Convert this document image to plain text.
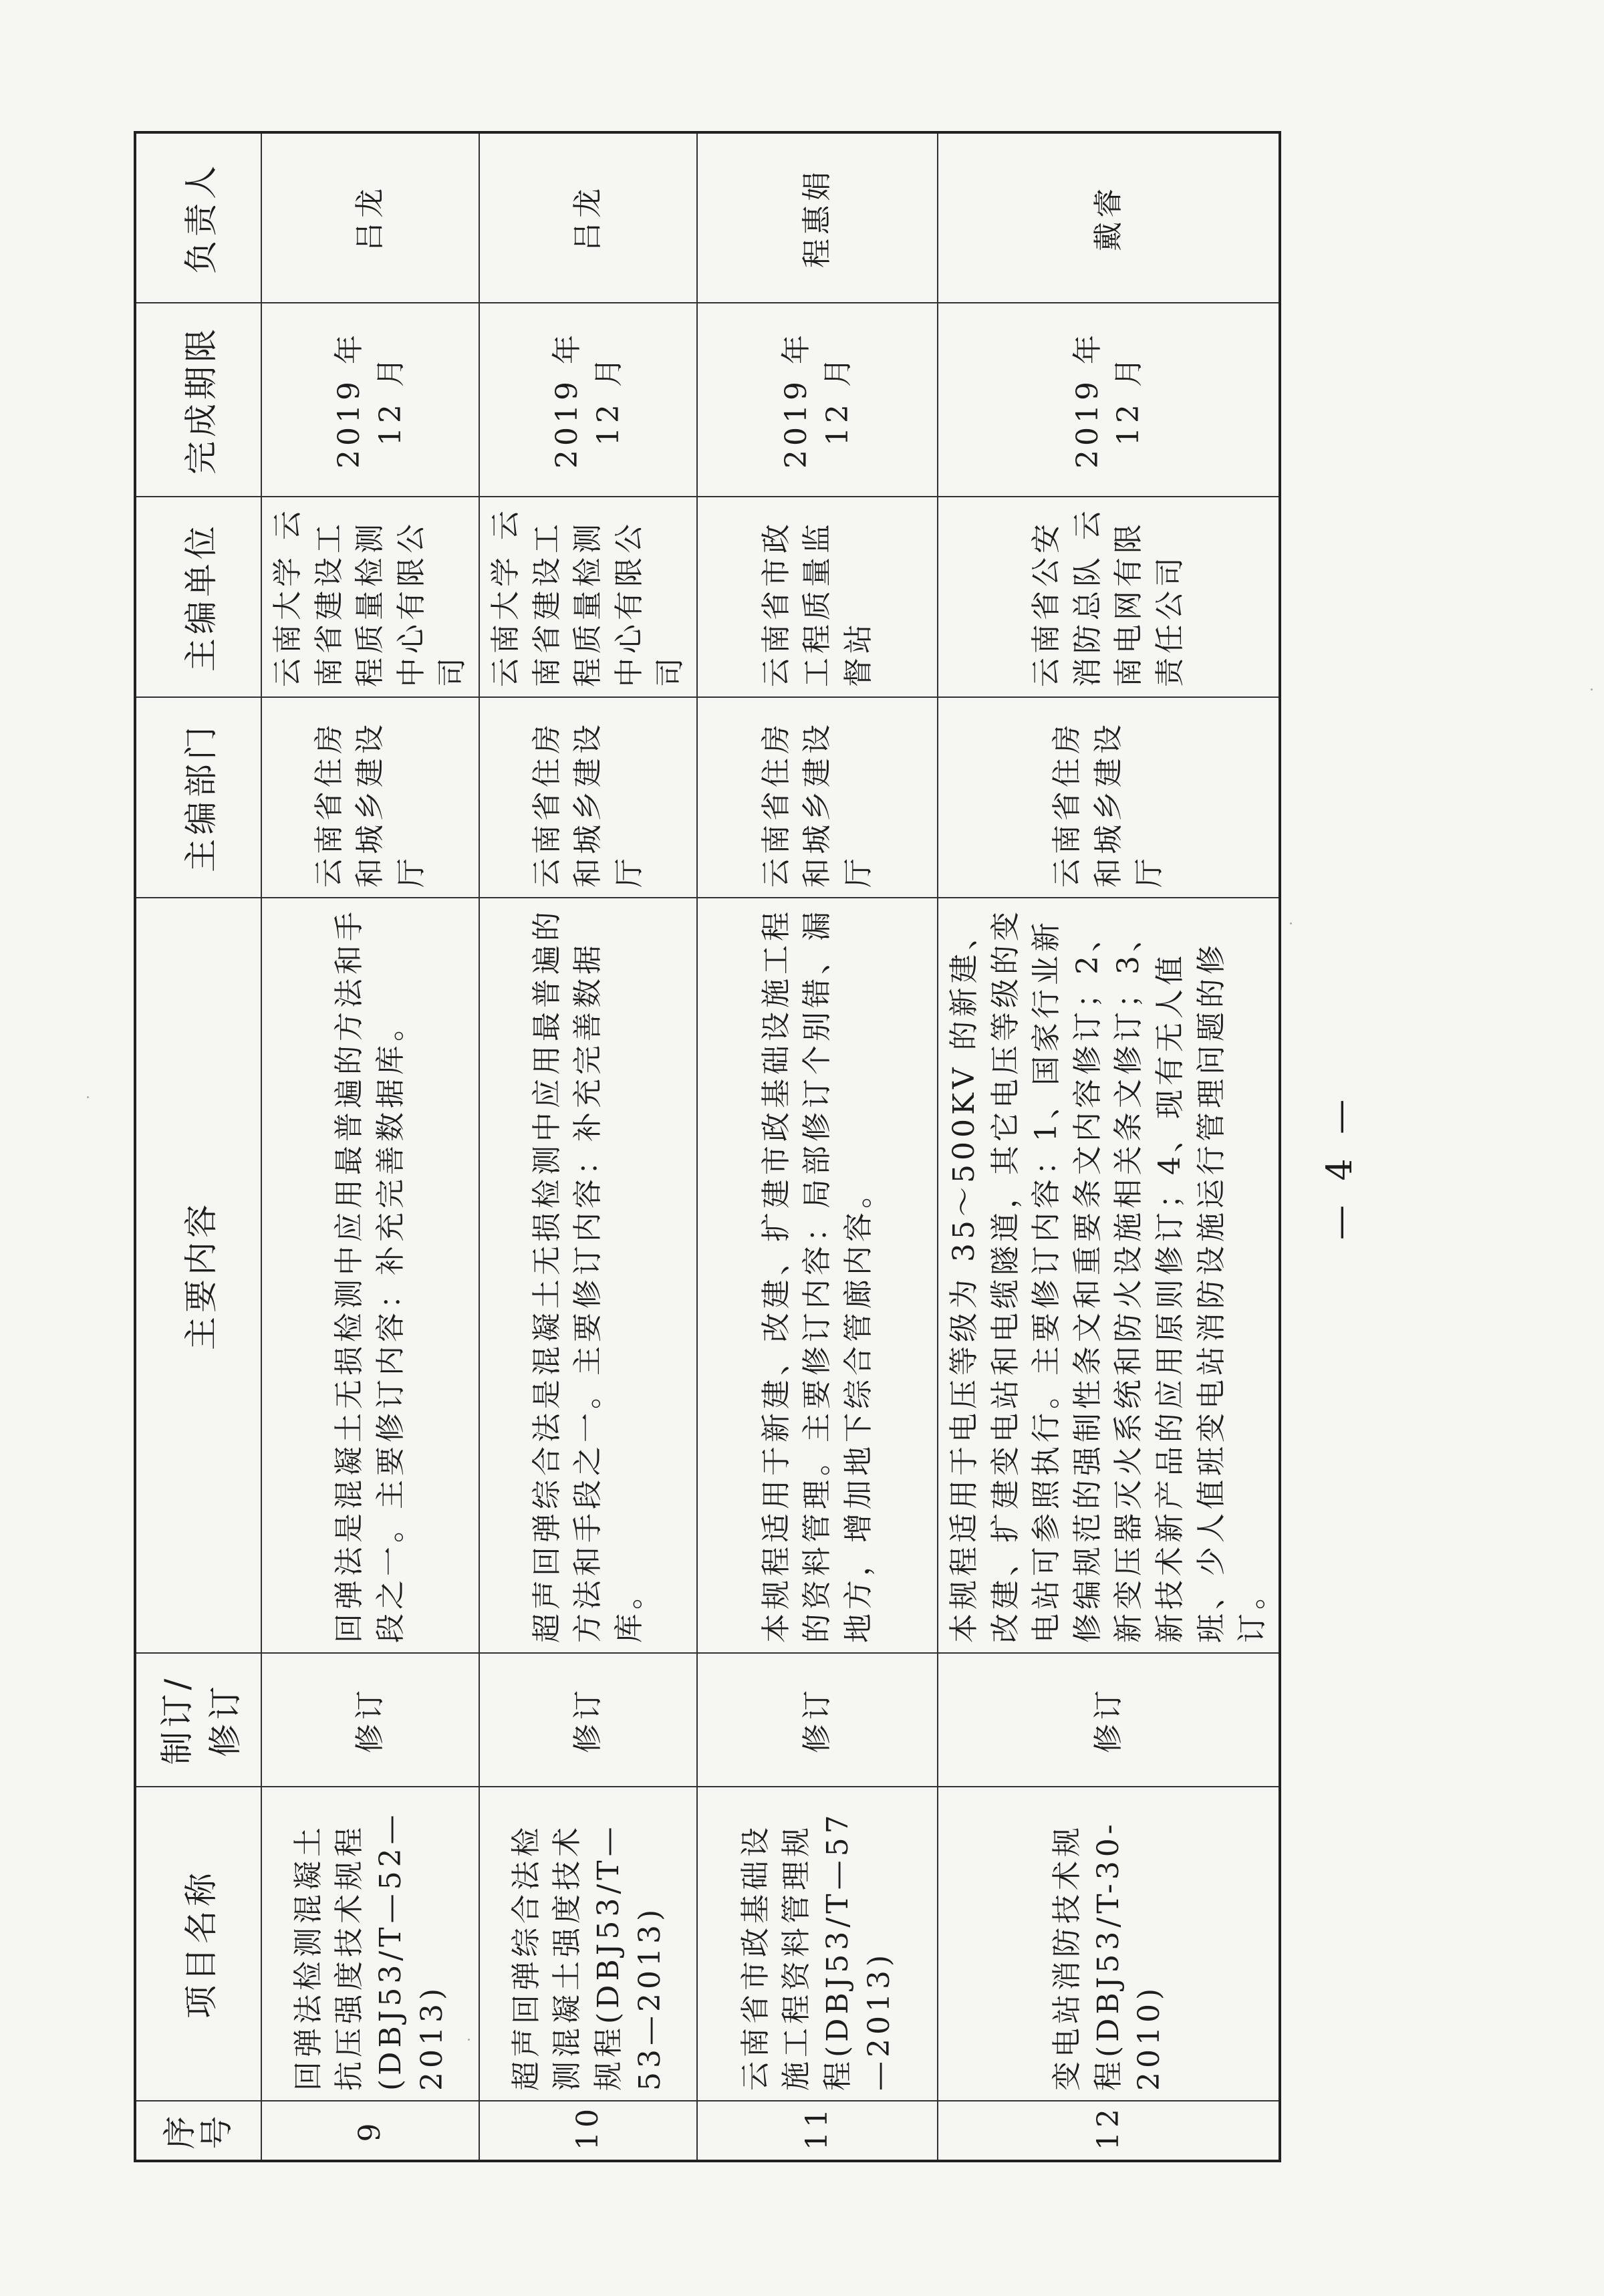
序号	项目名称	制订/修订	主要内容	主编部门	主编单位	完成期限	负责人
9	回弹法检测混凝土抗压强度技术规程(DBJ53/T—52—2013)	修订	回弹法是混凝土无损检测中应用最普遍的方法和手段之一。主要修订内容：补充完善数据库。	云南省住房和城乡建设厅	云南大学 云南省建设工程质量检测中心有限公司	2019 年 12 月	吕龙
10	超声回弹综合法检测混凝土强度技术规程(DBJ53/T—53—2013)	修订	超声回弹综合法是混凝土无损检测中应用最普遍的方法和手段之一。主要修订内容：补充完善数据库。	云南省住房和城乡建设厅	云南大学 云南省建设工程质量检测中心有限公司	2019 年 12 月	吕龙
11	云南省市政基础设施工程资料管理规程(DBJ53/T—57—2013)	修订	本规程适用于新建、改建、扩建市政基础设施工程的资料管理。主要修订内容：局部修订个别错、漏地方，增加地下综合管廊内容。	云南省住房和城乡建设厅	云南省市政工程质量监督站	2019 年 12 月	程惠娟
12	变电站消防技术规程(DBJ53/T-30-2010)	修订	本规程适用于电压等级为 35～500KV 的新建、改建、扩建变电站和电缆隧道，其它电压等级的变电站可参照执行。主要修订内容：1、国家行业新修编规范的强制性条文和重要条文内容修订；2、新变压器灭火系统和防火设施相关条文修订；3、新技术新产品的应用原则修订；4、现有无人值班、少人值班变电站消防设施运行管理问题的修订。	云南省住房和城乡建设厅	云南省公安消防总队 云南电网有限责任公司	2019 年 12 月	戴睿
— 4 —
